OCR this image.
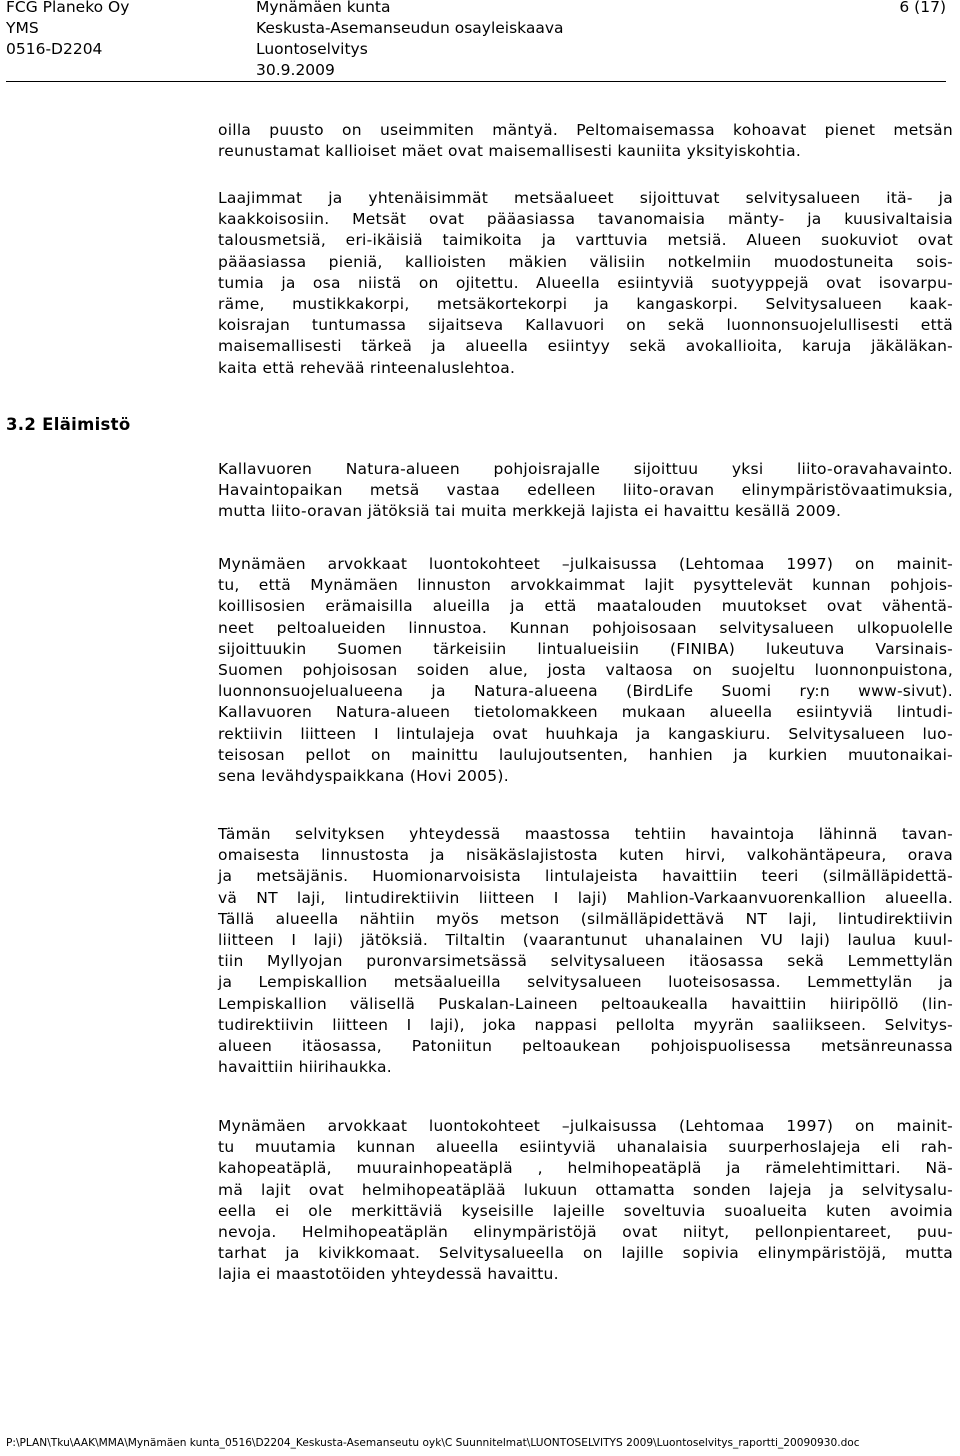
FCG Planeko Oy
YMS
0516-D2204
Mynämäen kunta
Keskusta-Asemanseudun osayleiskaava
Luontoselvitys
30.9.2009
6 (17)
3.2 Eläimistö
oilla puusto on useimmiten mäntyä. Peltomaisemassa kohoavat pienet metsän
reunustamat kallioiset mäet ovat maisemallisesti kauniita yksityiskohtia.
Laajimmat ja yhtenäisimmät metsäalueet sijoittuvat selvitysalueen itä- ja
kaakkoisosiin. Metsät ovat pääasiassa tavanomaisia mänty- ja kuusivaltaisia
talousmetsiä, eri-ikäisiä taimikoita ja varttuvia metsiä. Alueen suokuviot ovat
pääasiassa pieniä, kallioisten mäkien välisiin notkelmiin muodostuneita sois-
tumia ja osa niistä on ojitettu. Alueella esiintyviä suotyyppejä ovat isovarpu-
räme, mustikkakorpi, metsäkortekorpi ja kangaskorpi. Selvitysalueen kaak-
koisrajan tuntumassa sijaitseva Kallavuori on sekä luonnonsuojelullisesti että
maisemallisesti tärkeä ja alueella esiintyy sekä avokallioita, karuja jäkäläkan-
kaita että rehevää rinteenaluslehtoa.
Kallavuoren Natura-alueen pohjoisrajalle sijoittuu yksi liito-oravahavainto.
Havaintopaikan metsä vastaa edelleen liito-oravan elinympäristövaatimuksia,
mutta liito-oravan jätöksiä tai muita merkkejä lajista ei havaittu kesällä 2009.
Mynämäen arvokkaat luontokohteet –julkaisussa (Lehtomaa 1997) on mainit-
tu, että Mynämäen linnuston arvokkaimmat lajit pysyttelevät kunnan pohjois-
koillisosien erämaisilla alueilla ja että maatalouden muutokset ovat vähentä-
neet peltoalueiden linnustoa. Kunnan pohjoisosaan selvitysalueen ulkopuolelle
sijoittuukin Suomen tärkeisiin lintualueisiin (FINIBA) lukeutuva Varsinais-
Suomen pohjoisosan soiden alue, josta valtaosa on suojeltu luonnonpuistona,
luonnonsuojelualueena ja Natura-alueena (BirdLife Suomi ry:n www-sivut).
Kallavuoren Natura-alueen tietolomakkeen mukaan alueella esiintyviä lintudi-
rektiivin liitteen I lintulajeja ovat huuhkaja ja kangaskiuru. Selvitysalueen luo-
teisosan pellot on mainittu laulujoutsenten, hanhien ja kurkien muutonaikai-
sena levähdyspaikkana (Hovi 2005).
Tämän selvityksen yhteydessä maastossa tehtiin havaintoja lähinnä tavan-
omaisesta linnustosta ja nisäkäslajistosta kuten hirvi, valkohäntäpeura, orava
ja metsäjänis. Huomionarvoisista lintulajeista havaittiin teeri (silmälläpidettä-
vä NT laji, lintudirektiivin liitteen I laji) Mahlion-Varkaanvuorenkallion alueella.
Tällä alueella nähtiin myös metson (silmälläpidettävä NT laji, lintudirektiivin
liitteen I laji) jätöksiä. Tiltaltin (vaarantunut uhanalainen VU laji) laulua kuul-
tiin Myllyojan puronvarsimetsässä selvitysalueen itäosassa sekä Lemmettylän
ja Lempiskallion metsäalueilla selvitysalueen luoteisosassa. Lemmettylän ja
Lempiskallion välisellä Puskalan-Laineen peltoaukealla havaittiin hiiripöllö (lin-
tudirektiivin liitteen I laji), joka nappasi pellolta myyrän saaliikseen. Selvitys-
alueen itäosassa, Patoniitun peltoaukean pohjoispuolisessa metsänreunassa
havaittiin hiirihaukka.
Mynämäen arvokkaat luontokohteet –julkaisussa (Lehtomaa 1997) on mainit-
tu muutamia kunnan alueella esiintyviä uhanalaisia suurperhoslajeja eli rah-
kahopeatäplä, muurainhopeatäplä , helmihopeatäplä ja rämelehtimittari. Nä-
mä lajit ovat helmihopeatäplää lukuun ottamatta sonden lajeja ja selvitysalu-
eella ei ole merkittäviä kyseisille lajeille soveltuvia suoalueita kuten avoimia
nevoja. Helmihopeatäplän elinympäristöjä ovat niityt, pellonpientareet, puu-
tarhat ja kivikkomaat. Selvitysalueella on lajille sopivia elinympäristöjä, mutta
lajia ei maastotöiden yhteydessä havaittu.
P:\PLAN\Tku\AAK\MMA\Mynämäen kunta_0516\D2204_Keskusta-Asemanseutu oyk\C Suunnitelmat\LUONTOSELVITYS 2009\Luontoselvitys_raportti_20090930.doc
